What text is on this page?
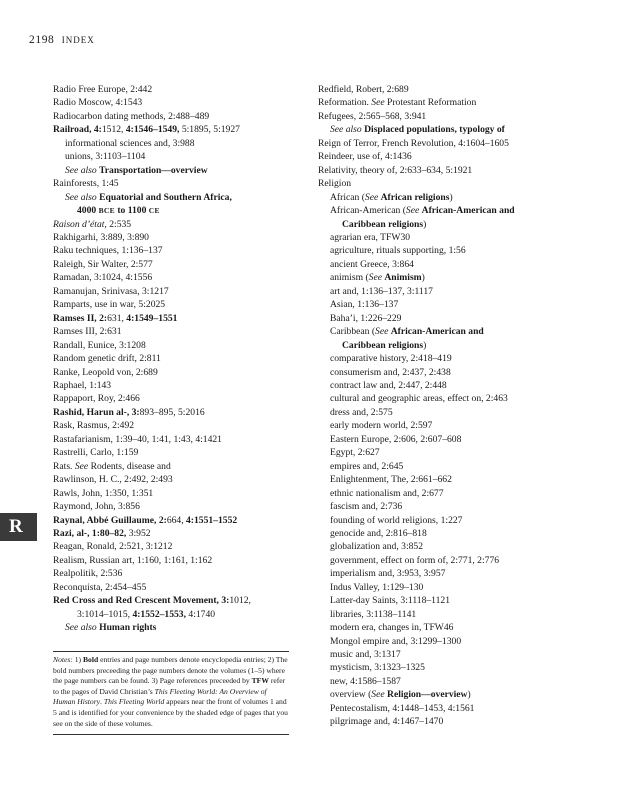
2198 INDEX
Radio Free Europe, 2:442
Radio Moscow, 4:1543
Radiocarbon dating methods, 2:488–489
Railroad, 4:1512, 4:1546–1549, 5:1895, 5:1927
informational sciences and, 3:988
unions, 3:1103–1104
See also Transportation—overview
Rainforests, 1:45
See also Equatorial and Southern Africa,
4000 BCE to 1100 CE
Raison d’état, 2:535
Rakhigarhi, 3:889, 3:890
Raku techniques, 1:136–137
Raleigh, Sir Walter, 2:577
Ramadan, 3:1024, 4:1556
Ramanujan, Srinivasa, 3:1217
Ramparts, use in war, 5:2025
Ramses II, 2:631, 4:1549–1551
Ramses III, 2:631
Randall, Eunice, 3:1208
Random genetic drift, 2:811
Ranke, Leopold von, 2:689
Raphael, 1:143
Rappaport, Roy, 2:466
Rashid, Harun al-, 3:893–895, 5:2016
Rask, Rasmus, 2:492
Rastafarianism, 1:39–40, 1:41, 1:43, 4:1421
Rastrelli, Carlo, 1:159
Rats. See Rodents, disease and
Rawlinson, H. C., 2:492, 2:493
Rawls, John, 1:350, 1:351
Raymond, John, 3:856
Raynal, Abbé Guillaume, 2:664, 4:1551–1552
Razi, al-, 1:80–82, 3:952
Reagan, Ronald, 2:521, 3:1212
Realism, Russian art, 1:160, 1:161, 1:162
Realpolitik, 2:536
Reconquista, 2:454–455
Red Cross and Red Crescent Movement, 3:1012,
3:1014–1015, 4:1552–1553, 4:1740
See also Human rights
Redfield, Robert, 2:689
Reformation. See Protestant Reformation
Refugees, 2:565–568, 3:941
See also Displaced populations, typology of
Reign of Terror, French Revolution, 4:1604–1605
Reindeer, use of, 4:1436
Relativity, theory of, 2:633–634, 5:1921
Religion
African (See African religions)
African-American (See African-American and
Caribbean religions)
agrarian era, TFW30
agriculture, rituals supporting, 1:56
ancient Greece, 3:864
animism (See Animism)
art and, 1:136–137, 3:1117
Asian, 1:136–137
Baha’i, 1:226–229
Caribbean (See African-American and
Caribbean religions)
comparative history, 2:418–419
consumerism and, 2:437, 2:438
contract law and, 2:447, 2:448
cultural and geographic areas, effect on, 2:463
dress and, 2:575
early modern world, 2:597
Eastern Europe, 2:606, 2:607–608
Egypt, 2:627
empires and, 2:645
Enlightenment, The, 2:661–662
ethnic nationalism and, 2:677
fascism and, 2:736
founding of world religions, 1:227
genocide and, 2:816–818
globalization and, 3:852
government, effect on form of, 2:771, 2:776
imperialism and, 3:953, 3:957
Indus Valley, 1:129–130
Latter-day Saints, 3:1118–1121
libraries, 3:1138–1141
modern era, changes in, TFW46
Mongol empire and, 3:1299–1300
music and, 3:1317
mysticism, 3:1323–1325
new, 4:1586–1587
overview (See Religion—overview)
Pentecostalism, 4:1448–1453, 4:1561
pilgrimage and, 4:1467–1470
Notes: 1) Bold entries and page numbers denote encyclopedia entries; 2) The bold numbers preceeding the page numbers denote the volumes (1–5) where the page numbers can be found. 3) Page references preceeded by TFW refer to the pages of David Christian’s This Fleeting World: An Overview of Human History. This Fleeting World appears near the front of volumes 1 and 5 and is identified for your convenience by the shaded edge of pages that you see on the side of these volumes.
R
